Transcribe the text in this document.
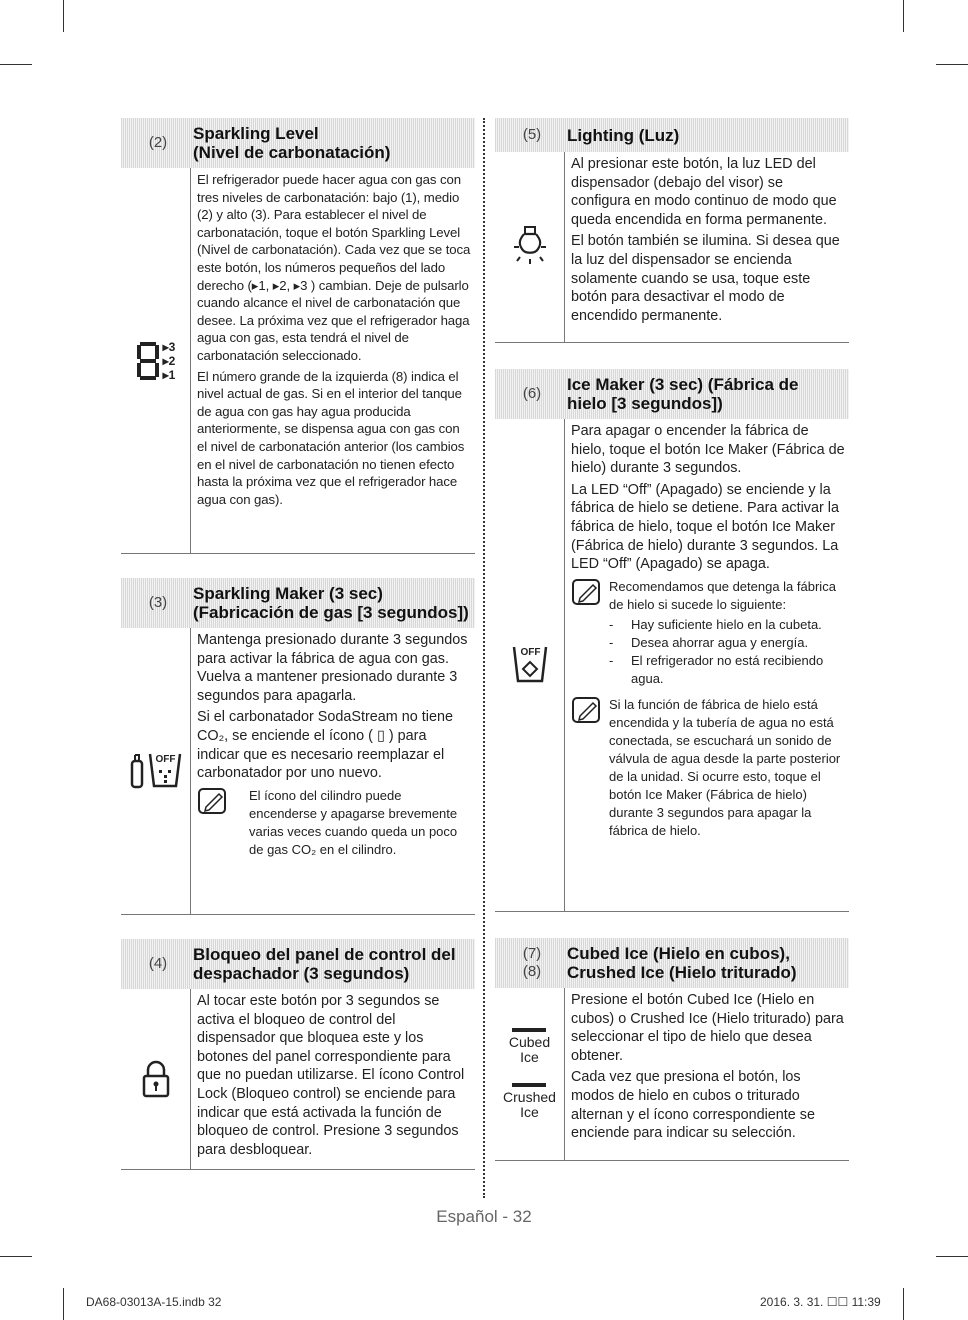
(2)	Sparkling Level
(Nivel de carbonatación)
▸3
▸2
▸1

El refrigerador puede hacer agua con gas con tres niveles de carbonatación: bajo (1), medio (2) y alto (3). Para establecer el nivel de carbonatación, toque el botón Sparkling Level (Nivel de carbonatación). Cada vez que se toca este botón, los números pequeños del lado derecho (▸1, ▸2, ▸3 ) cambian. Deje de pulsarlo cuando alcance el nivel de carbonatación que desee. La próxima vez que el refrigerador haga agua con gas, esta tendrá el nivel de carbonatación seleccionado.

El número grande de la izquierda (8) indica el nivel actual de gas. Si en el interior del tanque de agua con gas hay agua producida anteriormente, se dispensa agua con gas con el nivel de carbonatación anterior (los cambios en el nivel de carbonatación no tienen efecto hasta la próxima vez que el refrigerador hace agua con gas).

(3)	Sparkling Maker (3 sec)
(Fabricación de gas [3 segundos])
OFF

Mantenga presionado durante 3 segundos para activar la fábrica de agua con gas. Vuelva a mantener presionado durante 3 segundos para apagarla.

Si el carbonatador SodaStream no tiene CO₂, se enciende el ícono ( ▯ ) para indicar que es necesario reemplazar el carbonatador por uno nuevo.

El ícono del cilindro puede encenderse y apagarse brevemente varias veces cuando queda un poco de gas CO₂ en el cilindro.
(4)	Bloqueo del panel de control del
despachador (3 segundos)

Al tocar este botón por 3 segundos se activa el bloqueo de control del dispensador que bloquea este y los botones del panel correspondiente para que no puedan utilizarse. El ícono Control Lock (Bloqueo control) se enciende para indicar que está activada la función de bloqueo de control. Presione 3 segundos para desbloquear.

(5)	Lighting (Luz)

Al presionar este botón, la luz LED del dispensador (debajo del visor) se configura en modo continuo de modo que queda encendida en forma permanente.

El botón también se ilumina. Si desea que la luz del dispensador se encienda solamente cuando se usa, toque este botón para desactivar el modo de encendido permanente.

(6)	Ice Maker (3 sec) (Fábrica de
hielo [3 segundos])
OFF

Para apagar o encender la fábrica de hielo, toque el botón Ice Maker (Fábrica de hielo) durante 3 segundos.

La LED “Off” (Apagado) se enciende y la fábrica de hielo se detiene. Para activar la fábrica de hielo, toque el botón Ice Maker (Fábrica de hielo) durante 3 segundos. La LED “Off” (Apagado) se apaga.

Recomendamos que detenga la fábrica de hielo si sucede lo siguiente:
- Hay suficiente hielo en la cubeta.
- Desea ahorrar agua y energía.
- El refrigerador no está recibiendo agua.
Si la función de fábrica de hielo está encendida y la tubería de agua no está conectada, se escuchará un sonido de válvula de agua desde la parte posterior de la unidad. Si ocurre esto, toque el botón Ice Maker (Fábrica de hielo) durante 3 segundos para apagar la fábrica de hielo.
(7)
(8)
Cubed Ice (Hielo en cubos),
Crushed Ice (Hielo triturado)
Cubed
Ice
Crushed
Ice

Presione el botón Cubed Ice (Hielo en cubos) o Crushed Ice (Hielo triturado) para seleccionar el tipo de hielo que desea obtener.

Cada vez que presiona el botón, los modos de hielo en cubos o triturado alternan y el ícono correspondiente se enciende para indicar su selección.

Español - 32
DA68-03013A-15.indb 32	2016. 3. 31. ☐☐ 11:39
